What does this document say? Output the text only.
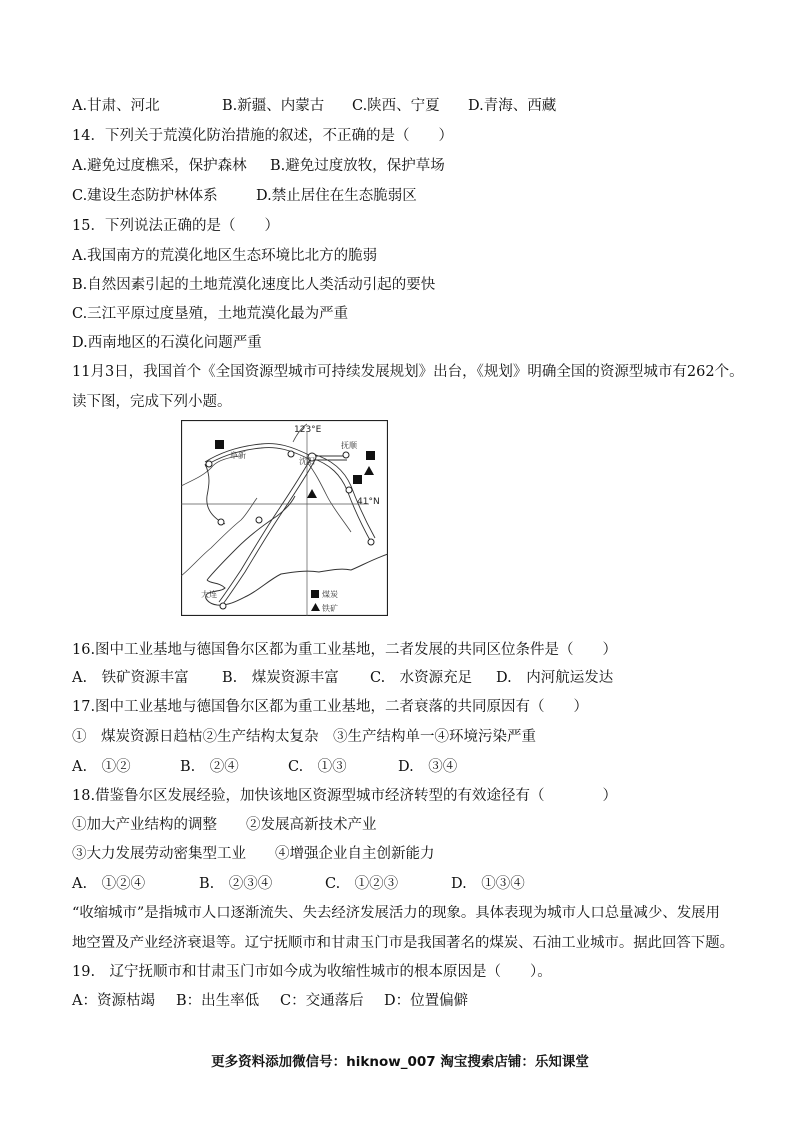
A.甘肃、河北	B.新疆、内蒙古 C.陕西、宁夏 D.青海、西藏
14．下列关于荒漠化防治措施的叙述，不正确的是（　　）
A.避免过度樵采，保护森林 B.避免过度放牧，保护草场
C.建设生态防护林体系	D.禁止居住在生态脆弱区
15．下列说法正确的是（　　）
A.我国南方的荒漠化地区生态环境比北方的脆弱
B.自然因素引起的土地荒漠化速度比人类活动引起的要快
C.三江平原过度垦殖，土地荒漠化最为严重
D.西南地区的石漠化问题严重
11月3日，我国首个《全国资源型城市可持续发展规划》出台，《规划》明确全国的资源型城市有262个。
读下图，完成下列小题。
123°E
41°N
抚顺
阜新
沈阳
大连	煤炭
铁矿
16.图中工业基地与德国鲁尔区都为重工业基地，二者发展的共同区位条件是（　　）
A.　铁矿资源丰富 B.　煤炭资源丰富 C.　水资源充足 D.　内河航运发达
17.图中工业基地与德国鲁尔区都为重工业基地，二者衰落的共同原因有（　　）
①　煤炭资源日趋枯②生产结构太复杂　③生产结构单一④环境污染严重
A.　①②	B.　②④	C.　①③	D.　③④
18.借鉴鲁尔区发展经验，加快该地区资源型城市经济转型的有效途径有（　　　　）
①加大产业结构的调整　　②发展高新技术产业
③大力发展劳动密集型工业　　④增强企业自主创新能力
A.　①②④	B.　②③④	C.　①②③	D.　①③④
“收缩城市”是指城市人口逐渐流失、失去经济发展活力的现象。具体表现为城市人口总量减少、发展用
地空置及产业经济衰退等。辽宁抚顺市和甘肃玉门市是我国著名的煤炭、石油工业城市。据此回答下题。
19.　辽宁抚顺市和甘肃玉门市如今成为收缩性城市的根本原因是（　　）。
A：资源枯竭 B：出生率低 C：交通落后 D：位置偏僻
更多资料添加微信号：hiknow_007 淘宝搜索店铺：乐知课堂
